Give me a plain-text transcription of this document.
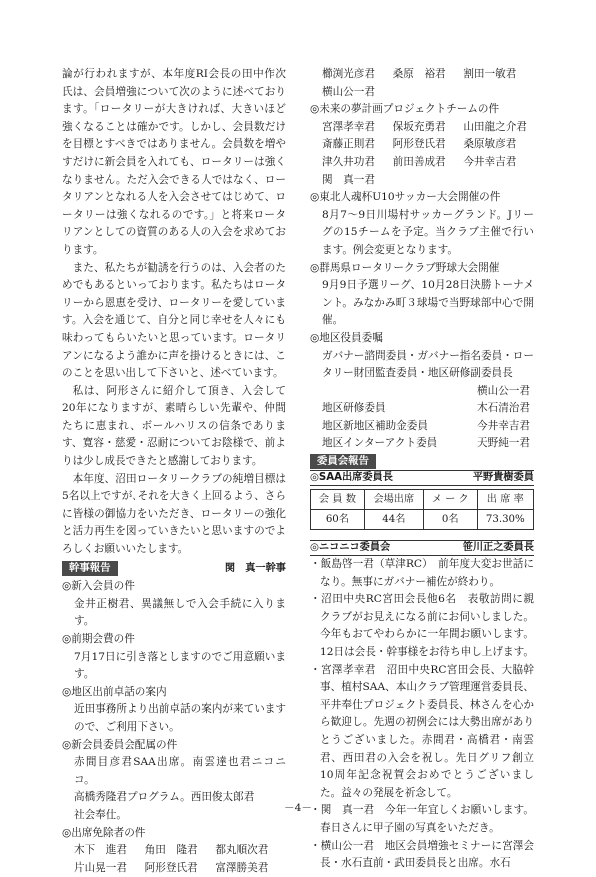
論が行われますが、本年度RI会長の田中作次氏は、会員増強について次のように述べております。「ロータリーが大きければ、大きいほど強くなることは確かです。しかし、会員数だけを目標とすべきではありません。会員数を増やすだけに新会員を入れても、ロータリーは強くなりません。ただ入会できる人ではなく、ロータリアンとなれる人を入会させてはじめて、ロータリーは強くなれるのです。」と将来ロータリアンとしての資質のある人の入会を求めております。

また、私たちが勧誘を行うのは、入会者のためでもあるといっております。私たちはロータリーから恩恵を受け、ロータリーを愛しています。入会を通じて、自分と同じ幸せを人々にも味わってもらいたいと思っています。ロータリアンになるよう誰かに声を掛けるときには、このことを思い出して下さいと、述べています。

私は、阿形さんに紹介して頂き、入会して20年になりますが、素晴らしい先輩や、仲間たちに恵まれ、ボールハリスの信条であります、寛容・慈愛・忍耐についてお陰様で、前よりは少し成長できたと感謝しております。

本年度、沼田ロータリークラブの純増目標は5名以上ですが､それを大きく上回るよう、さらに皆様の御協力をいただき、ロータリーの強化と活力再生を図っていきたいと思いますのでよろしくお願いいたします。

幹事報告	関　真一幹事

◎新入会員の件

金井正樹君、異議無しで入会手続に入ります。

◎前期会費の件

7月17日に引き落としますのでご用意願います。

◎地区出前卓話の案内

近田事務所より出前卓話の案内が来ていますので、ご利用下さい。

◎新会員委員会配属の件

赤間目彦君SAA出席。南雲達也君ニコニコ。

高橋秀隆君プログラム。西田俊太郎君

社会奉仕。

◎出席免除者の件

木下　進君	角田　隆君	都丸順次君
片山晃一君	阿形登氏君	富澤勝美君
櫛渕光彦君	桑原　裕君	割田一敏君

横山公一君

◎未来の夢計画プロジェクトチームの件

宮澤孝幸君	保坂充勇君	山田龍之介君
斎藤正則君	阿形登氏君	桑原敏彦君
津久井功君	前田善成君	今井幸吉君

関　真一君

◎東北人魂杯U10サッカー大会開催の件

8月7～9日川場村サッカーグランド。Jリーグの15チームを予定。当クラブ主催で行います。例会変更となります。

◎群馬県ロータリークラブ野球大会開催

9月9日予選リーグ、10月28日決勝トーナメント。みなかみ町３球場で当野球部中心で開催。

◎地区役員委嘱

ガバナー諮問委員・ガバナー指名委員・ロータリー財団監査委員・地区研修副委員長

横山公一君

地区研修委員	木石清治君
地区新地区補助金委員	今井幸吉君
地区インターアクト委員	天野純一君
委員会報告
◎SAA出席委員長	平野貴樹委員
会 員 数	会場出席	メ ー ク	出 席 率
60名	44名	0名	73.30%
◎ニコニコ委員会	笹川正之委員長

・飯島啓一君（草津RC）　前年度大変お世話になり。無事にガバナー補佐が終わり。

・沼田中央RC宮田会長他6名　表敬訪問に親クラブがお見えになる前にお伺いしました。今年もおてやわらかに一年間お願いします。12日は会長・幹事様をお待ち申し上げます。

・宮澤孝幸君　沼田中央RC宮田会長、大脇幹事、植村SAA、本山クラブ管理運営委員長、平井奉仕プロジェクト委員長、林さんを心から歓迎し。先週の初例会には大勢出席がありとうございました。赤間君・高橋君・南雲君、西田君の入会を祝し。先日グリフ創立10周年記念祝賀会おめでとうございました。益々の発展を祈念して。

・関　真一君　今年一年宜しくお願いします。春日さんに甲子園の写真をいただき。

・横山公一君　地区会員増強セミナーに宮澤会長・水石直前・武田委員長と出席。水石

－4－
